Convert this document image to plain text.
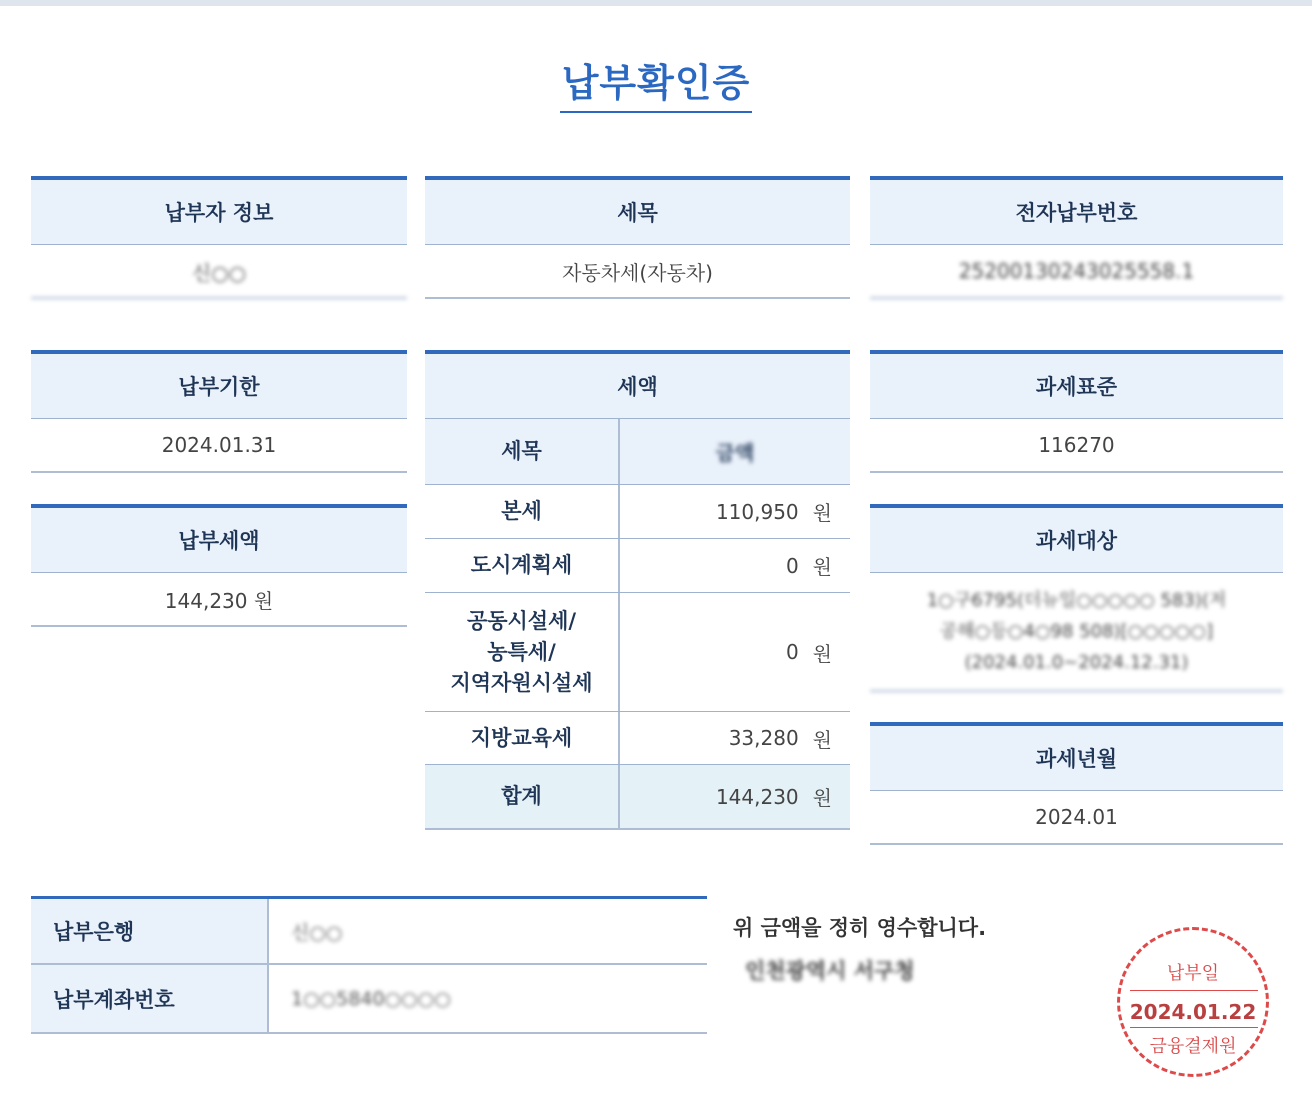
납부확인증
납부자 정보
신○○
세목
자동차세(자동차)
전자납부번호
25200130243025558.1
납부기한
2024.01.31
납부세액
144,230 원
세액
세목	금액
본세	110,950 원
도시계획세	0 원
공동시설세/
농특세/
지역자원시설세
0 원
지방교육세	33,280 원
합계	144,230 원
과세표준
116270
과세대상
1○구6795(더뉴일○○○○○ 583)(저
공해○등○4○98 508)[○○○○○]
(2024.01.0~2024.12.31)
과세년월
2024.01
납부은행	신○○
납부계좌번호	1○○5840○○○○
위 금액을 정히 영수합니다.
인천광역시 서구청	납부일
2024.01.22
금융결제원
